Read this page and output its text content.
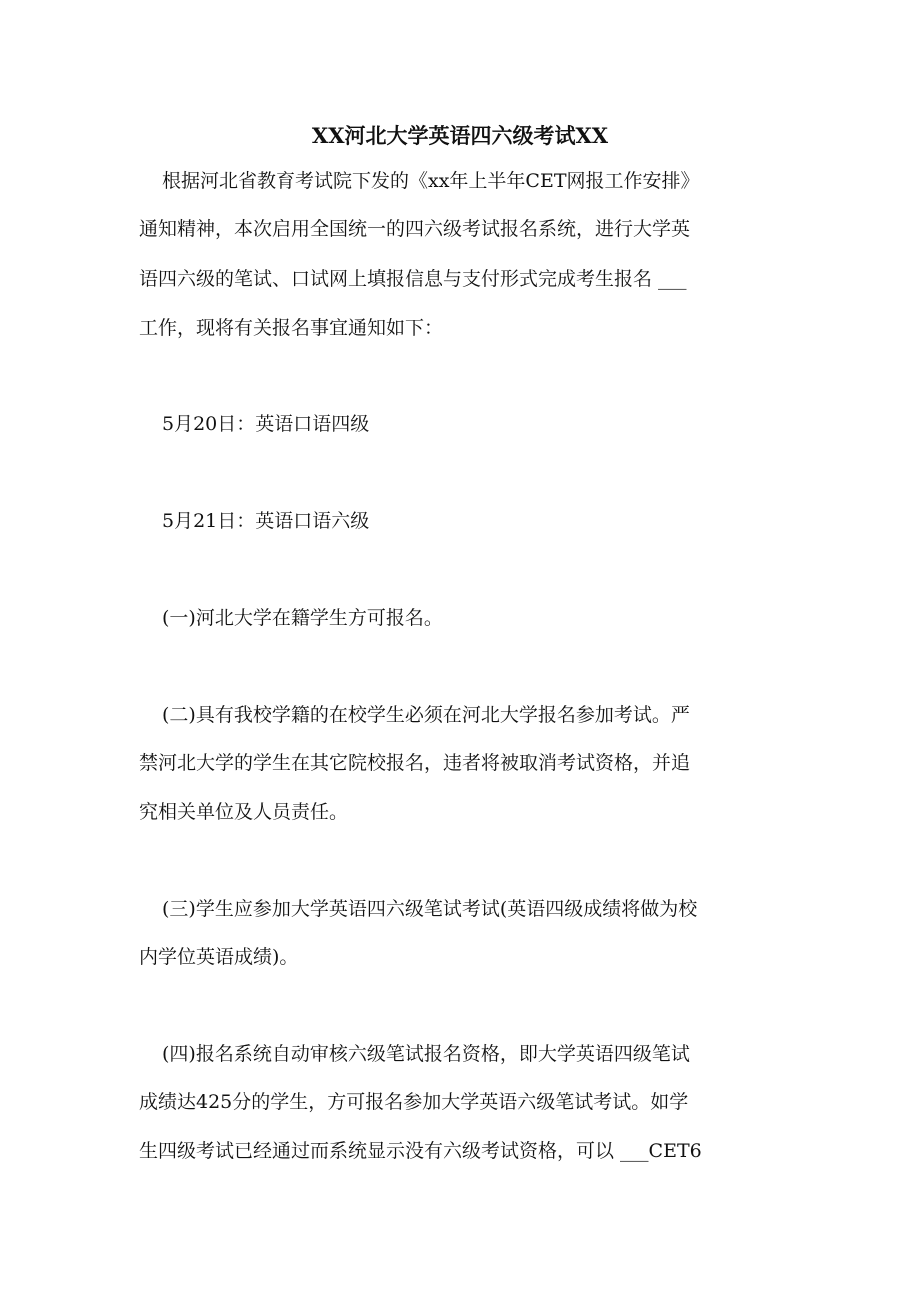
XX河北大学英语四六级考试XX
根据河北省教育考试院下发的《xx年上半年CET网报工作安排》
通知精神，本次启用全国统一的四六级考试报名系统，进行大学英
语四六级的笔试、口试网上填报信息与支付形式完成考生报名 ___
工作，现将有关报名事宜通知如下：
5月20日：英语口语四级
5月21日：英语口语六级
(一)河北大学在籍学生方可报名。
(二)具有我校学籍的在校学生必须在河北大学报名参加考试。严
禁河北大学的学生在其它院校报名，违者将被取消考试资格，并追
究相关单位及人员责任。
(三)学生应参加大学英语四六级笔试考试(英语四级成绩将做为校
内学位英语成绩)。
(四)报名系统自动审核六级笔试报名资格，即大学英语四级笔试
成绩达425分的学生，方可报名参加大学英语六级笔试考试。如学
生四级考试已经通过而系统显示没有六级考试资格，可以 ___CET6
